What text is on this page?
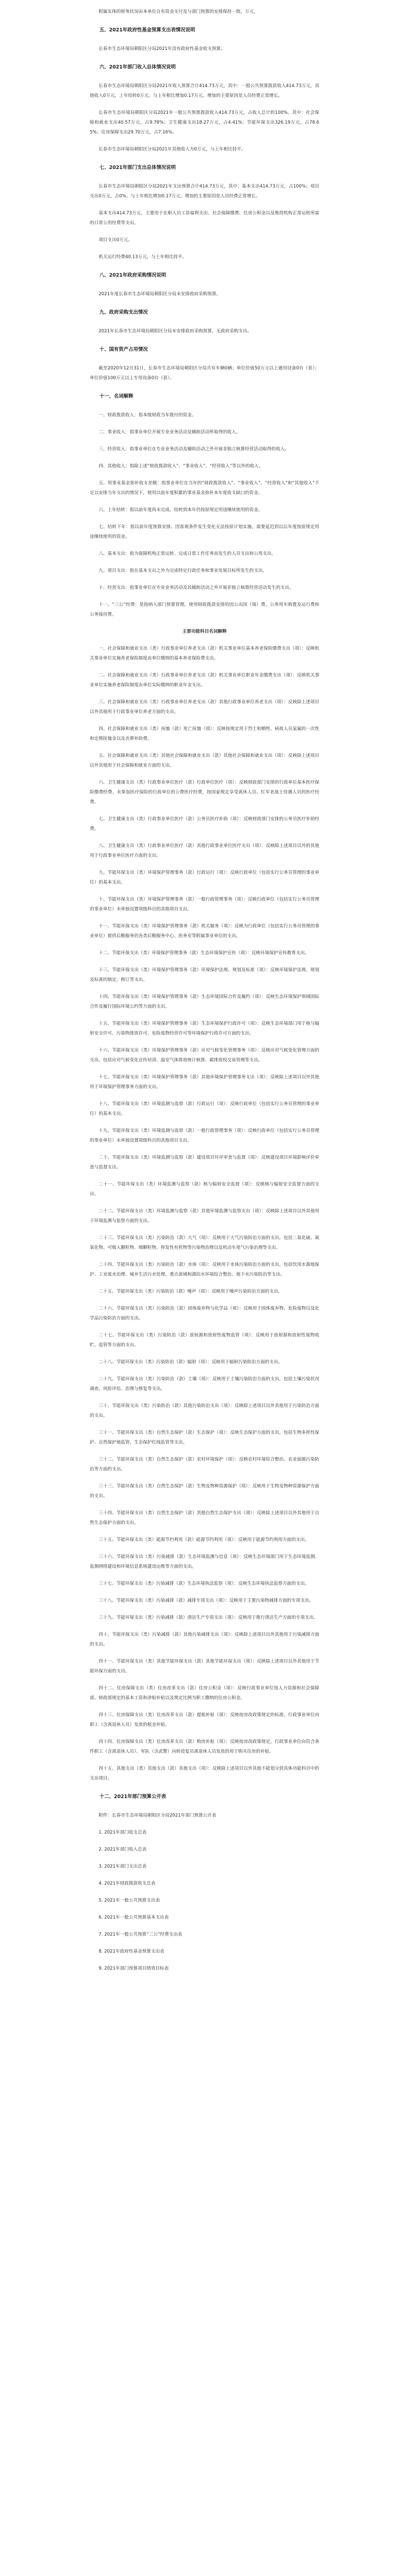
附属实体的财务状况由本单位自有资金支付及与部门预算的安排保持一致。万元，
五、2021年政府性基金预算支出表情况说明
长春市生态环境局朝阳区分局2021年没有政府性基金收支预算。
六、2021年部门收入总体情况说明
长春市生态环境局朝阳区分局2021年收入预算合计414.73万元，其中：一般公共预算拨款收入414.73万元，其他收入0万元，上年结转0万元。与上年相比增加0.17万元。增加的主要原因是人员经费正常增长。
长春市生态环境局朝阳区分局2021年一般公共预算拨款收入414.73万元，占收入总计的100%。其中：社会保障和就业支出40.57万元，占9.78%；卫生健康支出18.27万元，占4.41%；节能环保支出326.19万元，占78.65%；住房保障支出29.70万元，占7.16%。
长春市生态环境局朝阳区分局2021年其他收入为0万元，与上年相比持平。
七、2021年部门支出总体情况说明
长春市生态环境局朝阳区分局2021年支出预算合计414.73万元，其中：基本支出414.73万元，占100%；项目支出0万元，占0%。与上年相比增加0.17万元。增加的主要原因是人员经费正常增长。
基本支出414.73万元，主要用于在职人员工资福利支出、社会保障缴费、住房公积金以及维持机构正常运转所需的日常公用经费等支出。
项目支出0万元。
机关运行经费40.13万元，与上年相比持平。
八、2021年政府采购情况说明
2021年度长春市生态环境局朝阳区分局未安排政府采购预算。
九、政府采购支出情况
2021年长春市生态环境局朝阳区分局未安排政府采购预算，无政府采购支出。
十、国有资产占用情况
截至2020年12月31日，长春市生态环境局朝阳区分局共有车辆0辆；单位价值50万元以上通用设备0台（套）；单位价值100万元以上专用设备0台（套）。
十一、名词解释
一、财政拨款收入：指本级财政当年拨付的资金。
二、事业收入：指事业单位开展专业业务活动及辅助活动所取得的收入。
三、经营收入：指事业单位在专业业务活动及辅助活动之外开展非独立核算经营活动取得的收入。
四、其他收入：指除上述“财政拨款收入”、“事业收入”、“经营收入”等以外的收入。
五、用事业基金弥补收支差额：指事业单位在当年的“财政拨款收入”、“事业收入”、“经营收入”和“其他收入”不足以安排当年支出的情况下，使用以前年度积累的事业基金弥补本年度收支缺口的资金。
六、上年结转：指以前年度尚未完成、结转到本年仍按原规定用途继续使用的资金。
七、结转下年：指以前年度预算安排、因客观条件发生变化无法按原计划实施，需要延迟到以后年度按原规定用途继续使用的资金。
八、基本支出：指为保障机构正常运转、完成日常工作任务而发生的人员支出和公用支出。
九、项目支出：指在基本支出之外为完成特定行政任务和事业发展目标所发生的支出。
十、经营支出：指事业单位在专业业务活动及其辅助活动之外开展非独立核算经营活动发生的支出。
十一、“三公”经费：是指纳入部门预算管理，使用财政拨款安排的因公出国（境）费、公务用车购置及运行费和公务接待费。
主要功能科目名词解释
一、社会保障和就业支出（类）行政事业单位养老支出（款）机关事业单位基本养老保险缴费支出（项）：反映机关事业单位实施养老保险制度由单位缴纳的基本养老保险费支出。
二、社会保障和就业支出（类）行政事业单位养老支出（款）机关事业单位职业年金缴费支出（项）：反映机关事业单位实施养老保险制度由单位实际缴纳的职业年金支出。
三、社会保障和就业支出（类）行政事业单位养老支出（款）其他行政事业单位养老支出（项）：反映除上述项目以外其他用于行政事业单位养老方面的支出。
四、社会保障和就业支出（类）抚恤（款）死亡抚恤（项）：反映按规定用于烈士和牺牲、病故人员家属的一次性和定期抚恤金以及丧葬补助费。
五、社会保障和就业支出（类）其他社会保障和就业支出（款）其他社会保障和就业支出（项）：反映除上述项目以外其他用于社会保障和就业方面的支出。
六、卫生健康支出（类）行政事业单位医疗（款）行政单位医疗（项）：反映财政部门安排的行政单位基本医疗保险缴费经费，未参加医疗保险的行政单位的公费医疗经费，按国家规定享受离休人员、红军老战士待遇人员的医疗经费。
七、卫生健康支出（类）行政事业单位医疗（款）公务员医疗补助（项）：反映财政部门安排的公务员医疗补助经费。
八、卫生健康支出（类）行政事业单位医疗（款）其他行政事业单位医疗支出（项）：反映除上述项目以外的其他用于行政事业单位医疗方面的支出。
九、节能环保支出（类）环境保护管理事务（款）行政运行（项）：反映行政单位（包括实行公务员管理的事业单位）的基本支出。
十、节能环保支出（类）环境保护管理事务（款）一般行政管理事务（项）：反映行政单位（包括实行公务员管理的事业单位）未单独设置项级科目的其他项目支出。
十一、节能环保支出（类）环境保护管理事务（款）机关服务（项）：反映为行政单位（包括实行公务员管理的事业单位）提供后勤服务的各类后勤服务中心、医务室等附属事业单位的支出。
十二、节能环保支出（类）环境保护管理事务（款）生态环境保护宣传（项）：反映环境保护宣传教育支出。
十三、节能环保支出（类）环境保护管理事务（款）环境保护法规、规划及标准（项）：反映环境保护法规、规划及标准的制定、修订等支出。
十四、节能环保支出（类）环境保护管理事务（款）生态环境国际合作及履约（项）：反映生态环境保护领域国际合作及履行国际环境公约等方面的支出。
十五、节能环保支出（类）环境保护管理事务（款）生态环境保护行政许可（项）：反映生态环境部门用于核与辐射安全许可、污染物排放许可、危险废物经营许可等环境保护行政许可方面的支出。
十六、节能环保支出（类）环境保护管理事务（款）应对气候变化管理事务（项）：反映应对气候变化管理方面的支出，包括应对气候变化宣传培训、温室气体排放统计核算、碳排放权交易管理等支出。
十七、节能环保支出（类）环境保护管理事务（款）其他环境保护管理事务支出（项）：反映除上述项目以外其他用于环境保护管理事务方面的支出。
十八、节能环保支出（类）环境监测与监察（款）行政运行（项）：反映行政单位（包括实行公务员管理的事业单位）的基本支出。
十九、节能环保支出（类）环境监测与监察（款）一般行政管理事务（项）：反映行政单位（包括实行公务员管理的事业单位）未单独设置项级科目的其他项目支出。
二十、节能环保支出（类）环境监测与监察（款）建设项目环评审查与监督（项）：反映建设项目环境影响评价审查与监督支出。
二十一、节能环保支出（类）环境监测与监察（款）核与辐射安全监督（项）：反映核与辐射安全监督方面的支出。
二十二、节能环保支出（类）环境监测与监察（款）其他环境监测与监察支出（项）：反映除上述项目以外其他用于环境监测与监察方面的支出。
二十三、节能环保支出（类）污染防治（款）大气（项）：反映用于大气污染防治方面的支出，包括二氧化硫、氮氧化物、可吸入颗粒物、细颗粒物、挥发性有机物等污染物治理以及机动车尾气污染治理等支出。
二十四、节能环保支出（类）污染防治（款）水体（项）：反映用于水体污染防治方面的支出，包括饮用水源地保护、工业废水治理、城乡生活污水处理、重点流域和湖泊水环境综合整治、地下水污染防治等支出。
二十五、节能环保支出（类）污染防治（款）噪声（项）：反映用于噪声污染防治方面的支出。
二十六、节能环保支出（类）污染防治（款）固体废弃物与化学品（项）：反映用于固体废弃物、危险废物以及化学品污染防治方面的支出。
二十七、节能环保支出（类）污染防治（款）放射源和放射性废物监管（项）：反映用于放射源和放射性废物收贮、监管等方面的支出。
二十八、节能环保支出（类）污染防治（款）辐射（项）：反映用于辐射污染防治方面的支出。
二十九、节能环保支出（类）污染防治（款）土壤（项）：反映用于土壤污染防治方面的支出，包括土壤污染状况调查、风险评估、治理与修复等支出。
三十、节能环保支出（类）污染防治（款）其他污染防治支出（项）：反映除上述项目以外其他用于污染防治方面的支出。
三十一、节能环保支出（类）自然生态保护（款）生态保护（项）：反映生态保护方面的支出，包括生物多样性保护、自然保护地监管、生态保护红线监管等支出。
三十二、节能环保支出（类）自然生态保护（款）农村环境保护（项）：反映农村环境综合整治、农业面源污染防治等方面的支出。
三十三、节能环保支出（类）自然生态保护（款）生物及物种资源保护（项）：反映用于生物及物种资源保护方面的支出。
三十四、节能环保支出（类）自然生态保护（款）其他自然生态保护支出（项）：反映除上述项目以外其他用于自然生态保护方面的支出。
三十五、节能环保支出（类）能源节约利用（款）能源节约利用（项）：反映用于能源节约利用方面的支出。
三十六、节能环保支出（类）污染减排（款）生态环境监测与信息（项）：反映生态环境部门用于生态环境监测、监测网络建设和环境信息系统建设运维等方面的支出。
三十七、节能环保支出（类）污染减排（款）生态环境执法监察（项）：反映生态环境执法监察方面的支出。
三十八、节能环保支出（类）污染减排（款）减排专项支出（项）：反映用于主要污染物减排方面的专项支出。
三十九、节能环保支出（类）污染减排（款）清洁生产专项支出（项）：反映用于推行清洁生产方面的专项支出。
四十、节能环保支出（类）污染减排（款）其他污染减排支出（项）：反映除上述项目以外其他用于污染减排方面的支出。
四十一、节能环保支出（类）其他节能环保支出（款）其他节能环保支出（项）：反映除上述项目以外其他用于节能环保方面的支出。
四十二、住房保障支出（类）住房改革支出（款）住房公积金（项）：反映行政事业单位按人力资源和社会保障部、财政部规定的基本工资和津贴补贴以及规定比例为职工缴纳的住房公积金。
四十三、住房保障支出（类）住房改革支出（款）提租补贴（项）：反映按房改政策规定的标准，行政事业单位向职工（含离退休人员）发放的租金补贴。
四十四、住房保障支出（类）住房改革支出（款）购房补贴（项）：反映按房改政策规定，行政事业单位向符合条件职工（含离退休人员）、军队（含武警）向转役复员离退休人员发放的用于购买住房的补贴。
四十五、其他支出（类）其他支出（款）其他支出（项）：反映除上述项目以外其他不能划分到具体功能科目中的支出项目。
十二、2021年部门预算公开表
附件：长春市生态环境局朝阳区分局2021年部门预算公开表
1. 2021年部门收支总表
2. 2021年部门收入总表
3. 2021年部门支出总表
4. 2021年财政拨款收支总表
5. 2021年一般公共预算支出表
6. 2021年一般公共预算基本支出表
7. 2021年一般公共预算“三公”经费支出表
8. 2021年政府性基金预算支出表
9. 2021年部门预算项目绩效目标表
